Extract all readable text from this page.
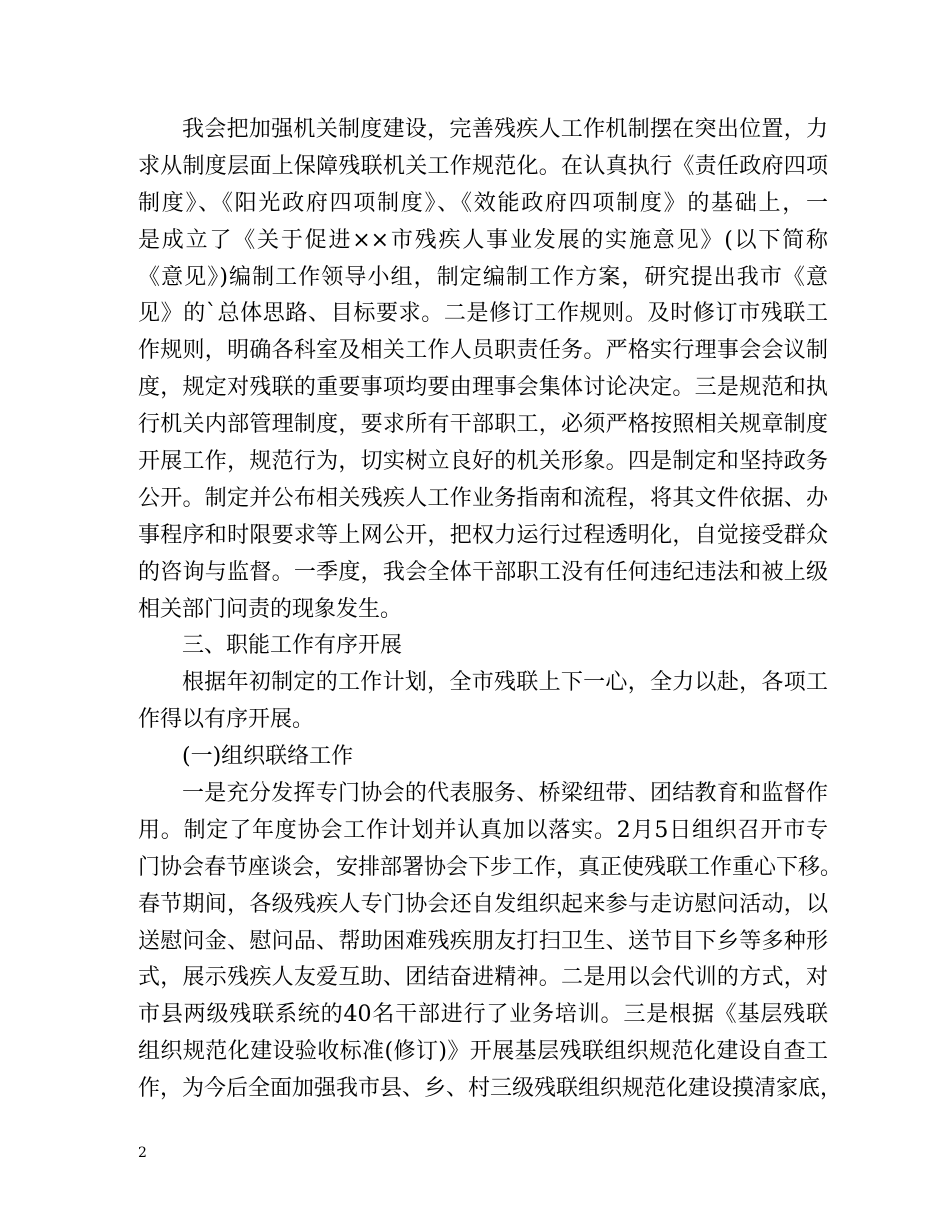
我会把加强机关制度建设，完善残疾人工作机制摆在突出位置，力
求从制度层面上保障残联机关工作规范化。在认真执行《责任政府四项
制度》、《阳光政府四项制度》、《效能政府四项制度》的基础上，一
是成立了《关于促进××市残疾人事业发展的实施意见》(以下简称
《意见》)编制工作领导小组，制定编制工作方案，研究提出我市《意
见》的`总体思路、目标要求。二是修订工作规则。及时修订市残联工
作规则，明确各科室及相关工作人员职责任务。严格实行理事会会议制
度，规定对残联的重要事项均要由理事会集体讨论决定。三是规范和执
行机关内部管理制度，要求所有干部职工，必须严格按照相关规章制度
开展工作，规范行为，切实树立良好的机关形象。四是制定和坚持政务
公开。制定并公布相关残疾人工作业务指南和流程，将其文件依据、办
事程序和时限要求等上网公开，把权力运行过程透明化，自觉接受群众
的咨询与监督。一季度，我会全体干部职工没有任何违纪违法和被上级
相关部门问责的现象发生。
三、职能工作有序开展
根据年初制定的工作计划，全市残联上下一心，全力以赴，各项工
作得以有序开展。
(一)组织联络工作
一是充分发挥专门协会的代表服务、桥梁纽带、团结教育和监督作
用。制定了年度协会工作计划并认真加以落实。2月5日组织召开市专
门协会春节座谈会，安排部署协会下步工作，真正使残联工作重心下移。
春节期间，各级残疾人专门协会还自发组织起来参与走访慰问活动，以
送慰问金、慰问品、帮助困难残疾朋友打扫卫生、送节目下乡等多种形
式，展示残疾人友爱互助、团结奋进精神。二是用以会代训的方式，对
市县两级残联系统的40名干部进行了业务培训。三是根据《基层残联
组织规范化建设验收标准(修订)》开展基层残联组织规范化建设自查工
作，为今后全面加强我市县、乡、村三级残联组织规范化建设摸清家底，
2
